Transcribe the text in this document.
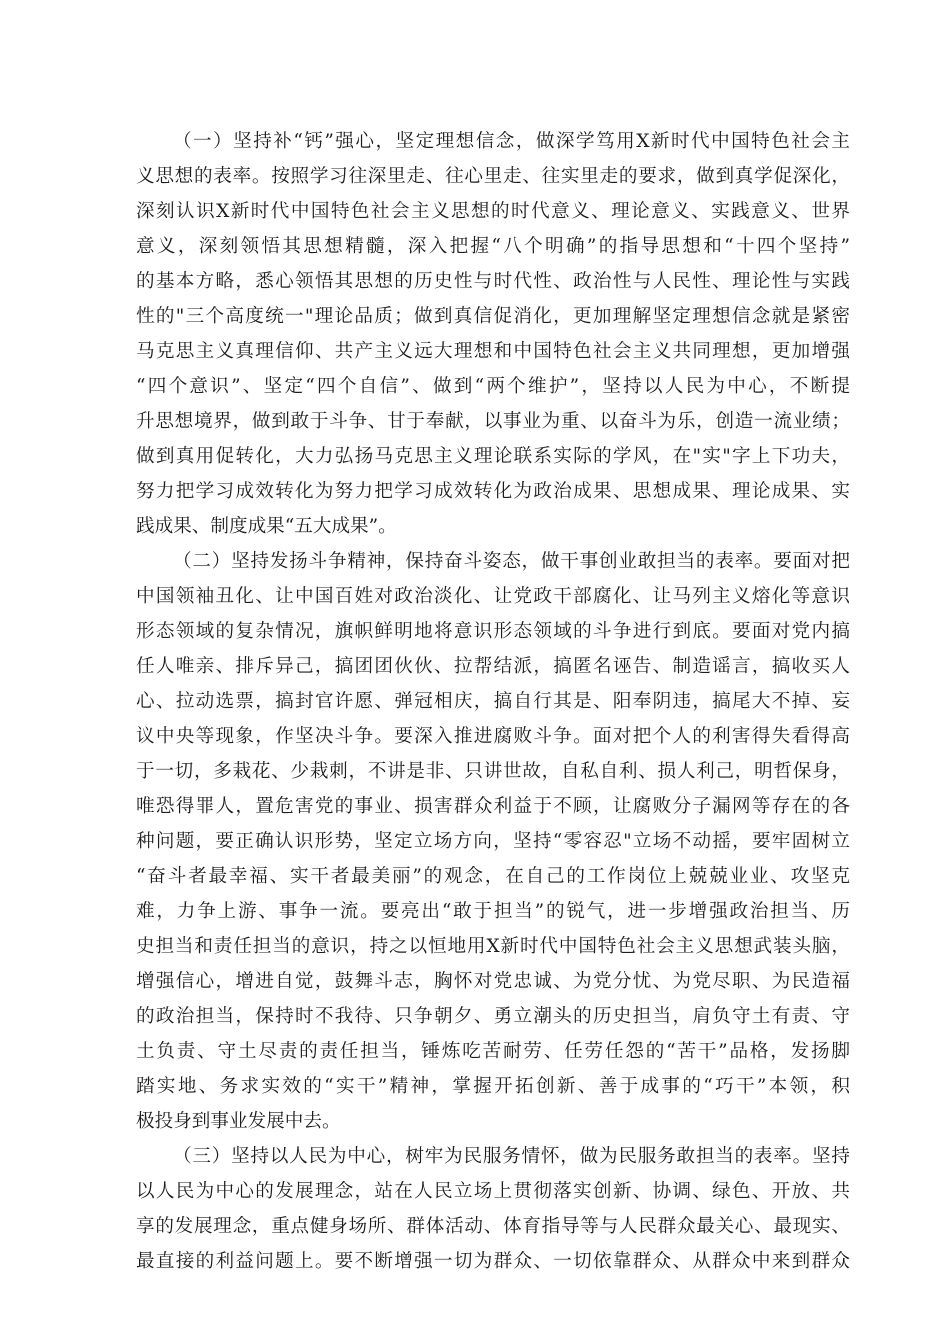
（一）坚持补“钙”强心，坚定理想信念，做深学笃用X新时代中国特色社会主
义思想的表率。按照学习往深里走、往心里走、往实里走的要求，做到真学促深化，
深刻认识X新时代中国特色社会主义思想的时代意义、理论意义、实践意义、世界
意义，深刻领悟其思想精髓，深入把握“八个明确”的指导思想和“十四个坚持”
的基本方略，悉心领悟其思想的历史性与时代性、政治性与人民性、理论性与实践
性的"三个高度统一"理论品质；做到真信促消化，更加理解坚定理想信念就是紧密
马克思主义真理信仰、共产主义远大理想和中国特色社会主义共同理想，更加增强
“四个意识”、坚定“四个自信”、做到“两个维护”，坚持以人民为中心，不断提
升思想境界，做到敢于斗争、甘于奉献，以事业为重、以奋斗为乐，创造一流业绩；
做到真用促转化，大力弘扬马克思主义理论联系实际的学风，在"实"字上下功夫，
努力把学习成效转化为努力把学习成效转化为政治成果、思想成果、理论成果、实
践成果、制度成果“五大成果”。
（二）坚持发扬斗争精神，保持奋斗姿态，做干事创业敢担当的表率。要面对把
中国领袖丑化、让中国百姓对政治淡化、让党政干部腐化、让马列主义熔化等意识
形态领域的复杂情况，旗帜鲜明地将意识形态领域的斗争进行到底。要面对党内搞
任人唯亲、排斥异己，搞团团伙伙、拉帮结派，搞匿名诬告、制造谣言，搞收买人
心、拉动选票，搞封官许愿、弹冠相庆，搞自行其是、阳奉阴违，搞尾大不掉、妄
议中央等现象，作坚决斗争。要深入推进腐败斗争。面对把个人的利害得失看得高
于一切，多栽花、少栽刺，不讲是非、只讲世故，自私自利、损人利己，明哲保身，
唯恐得罪人，置危害党的事业、损害群众利益于不顾，让腐败分子漏网等存在的各
种问题，要正确认识形势，坚定立场方向，坚持“零容忍"立场不动摇，要牢固树立
“奋斗者最幸福、实干者最美丽”的观念，在自己的工作岗位上兢兢业业、攻坚克
难，力争上游、事争一流。要亮出“敢于担当”的锐气，进一步增强政治担当、历
史担当和责任担当的意识，持之以恒地用X新时代中国特色社会主义思想武装头脑，
增强信心，增进自觉，鼓舞斗志，胸怀对党忠诚、为党分忧、为党尽职、为民造福
的政治担当，保持时不我待、只争朝夕、勇立潮头的历史担当，肩负守土有责、守
土负责、守土尽责的责任担当，锤炼吃苦耐劳、任劳任怨的“苦干”品格，发扬脚
踏实地、务求实效的“实干”精神，掌握开拓创新、善于成事的“巧干”本领，积
极投身到事业发展中去。
（三）坚持以人民为中心，树牢为民服务情怀，做为民服务敢担当的表率。坚持
以人民为中心的发展理念，站在人民立场上贯彻落实创新、协调、绿色、开放、共
享的发展理念，重点健身场所、群体活动、体育指导等与人民群众最关心、最现实、
最直接的利益问题上。要不断增强一切为群众、一切依靠群众、从群众中来到群众
